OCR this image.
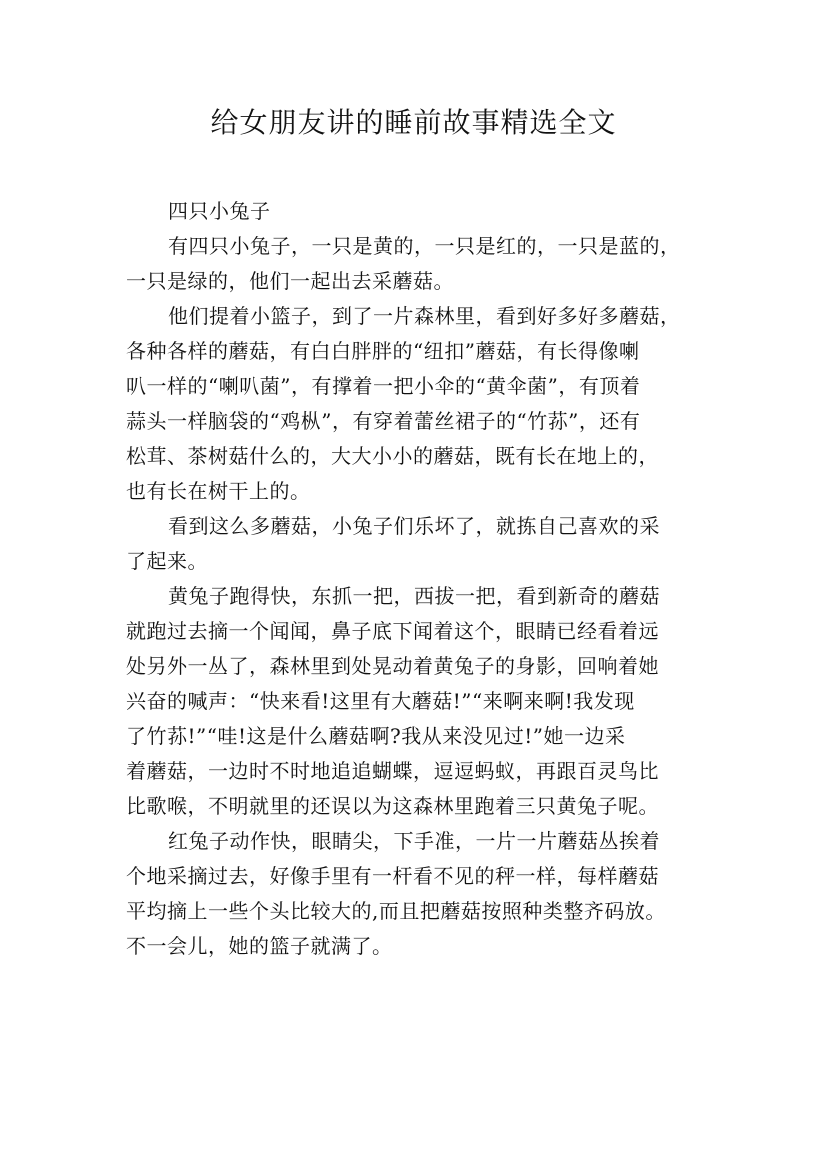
给女朋友讲的睡前故事精选全文

四只小兔子

有四只小兔子，一只是黄的，一只是红的，一只是蓝的，
一只是绿的，他们一起出去采蘑菇。

他们提着小篮子，到了一片森林里，看到好多好多蘑菇，
各种各样的蘑菇，有白白胖胖的“纽扣”蘑菇，有长得像喇
叭一样的“喇叭菌”，有撑着一把小伞的“黄伞菌”，有顶着
蒜头一样脑袋的“鸡枞”，有穿着蕾丝裙子的“竹荪”，还有
松茸、茶树菇什么的，大大小小的蘑菇，既有长在地上的，
也有长在树干上的。

看到这么多蘑菇，小兔子们乐坏了，就拣自己喜欢的采
了起来。

黄兔子跑得快，东抓一把，西拔一把，看到新奇的蘑菇
就跑过去摘一个闻闻，鼻子底下闻着这个，眼睛已经看着远
处另外一丛了，森林里到处晃动着黄兔子的身影，回响着她
兴奋的喊声：“快来看!这里有大蘑菇!”“来啊来啊!我发现
了竹荪!”“哇!这是什么蘑菇啊?我从来没见过!”她一边采
着蘑菇，一边时不时地追追蝴蝶，逗逗蚂蚁，再跟百灵鸟比
比歌喉，不明就里的还误以为这森林里跑着三只黄兔子呢。

红兔子动作快，眼睛尖，下手准，一片一片蘑菇丛挨着
个地采摘过去，好像手里有一杆看不见的秤一样，每样蘑菇
平均摘上一些个头比较大的,而且把蘑菇按照种类整齐码放。
不一会儿，她的篮子就满了。
